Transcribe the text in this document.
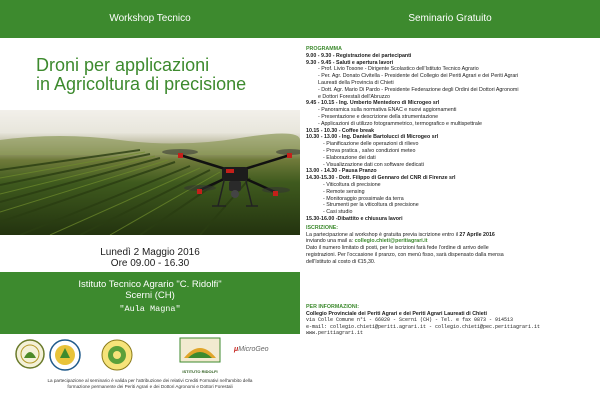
Workshop Tecnico	Seminario Gratuito
Droni per applicazioni
in Agricoltura di precisione
Lunedì 2 Maggio 2016
Ore 09.00 - 16.30
Istituto Tecnico Agrario "C. Ridolfi"
Scerni (CH)
"Aula Magna"
ISTITUTO RIDOLFI
μMicroGeo
La partecipazione al seminario è valida per l'attribuzione dei relativi Crediti Formativi nell'ambito della
formazione permanente dei Periti Agrari e dei Dottori Agronomi e Dottori Forestali
PROGRAMMA
9.00 - 9.30 - Registrazione dei partecipanti
9.30 - 9.45 - Saluti e apertura lavori
- Prof. Livio Tosone - Dirigente Scolastico dell'Istituto Tecnico Agrario
- Per. Agr. Donato Civitella - Presidente del Collegio dei Periti Agrari e dei Periti Agrari
Laureati della Provincia di Chieti
- Dott. Agr. Mario Di Pardo - Presidente Federazione degli Ordini dei Dottori Agronomi
e Dottori Forestali dell'Abruzzo
9.45 - 10.15 - Ing. Umberto Mentedoro di Microgeo srl
- Panoramica sulla normativa ENAC e nuovi aggiornamenti
- Presentazione e descrizione della strumentazione
- Applicazioni di utilizzo fotogrammetrico, termografico e multispettrale
10.15 - 10.30 - Coffee break
10.30 - 13.00 - Ing. Daniele Bartolucci di Microgeo srl
- Pianificazione delle operazioni di rilievo
- Prova pratica , salvo condizioni meteo
- Elaborazione dei dati
- Visualizzazione dati con software dedicati
13.00 - 14.30 - Pausa Pranzo
14.30-15.30 - Dott. Filippo di Gennaro del CNR di Firenze srl
- Viticoltura di precisione
- Remote sensing
- Monitoraggio prossimale da terra
- Strumenti per la viticoltura di precisione
- Casi studio
15.30-16.00 -Dibattito e chiusura lavori
ISCRIZIONE:
La partecipazione al workshop è gratuita previa iscrizione entro il 27 Aprile 2016
inviando una mail a: collegio.chieti@peritiagrari.it
Dato il numero limitato di posti, per le iscrizioni farà fede l'ordine di arrivo delle
registrazioni. Per l'occasione il pranzo, con menù fisso, sarà dispensato dalla mensa
dell'Istituto al costo di €15,30.
PER INFORMAZIONI:
Collegio Provinciale dei Periti Agrari e dei Periti Agrari Laureati di Chieti
via Colle Comune n°1 - 66020 - Scerni (CH) - Tel. e fax 0873 - 914513
e-mail: collegio.chieti@periti.agrari.it - collegio.chieti@pec.peritiagrari.it
www.peritiagrari.it
